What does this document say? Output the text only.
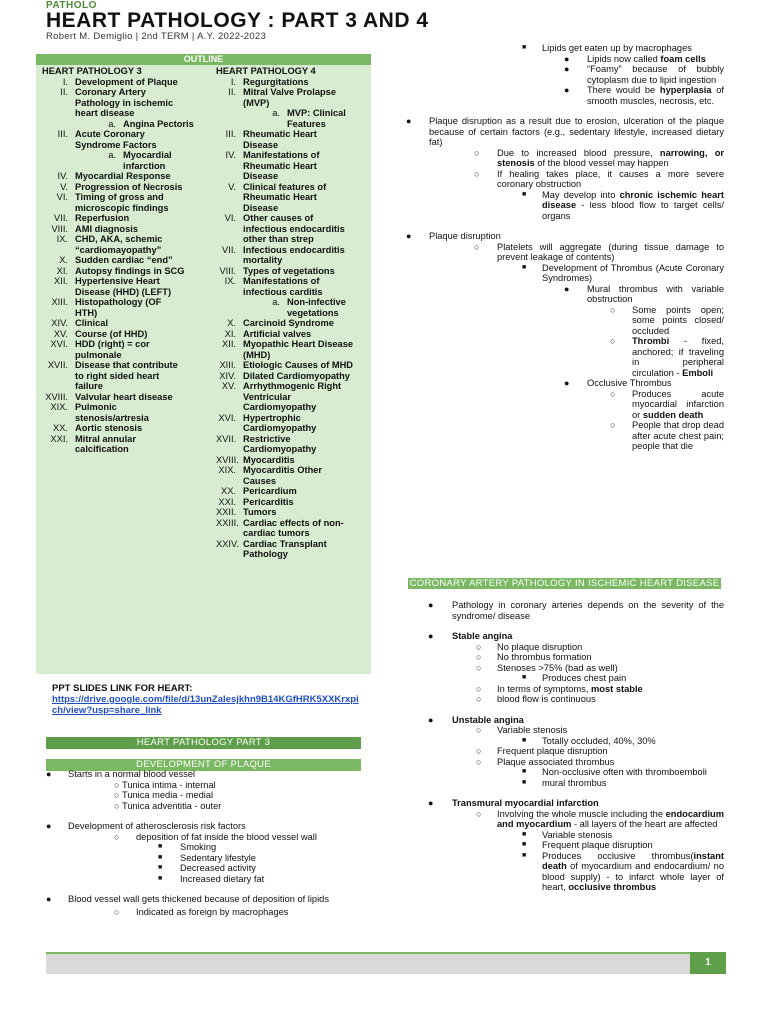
PATHOLO
HEART PATHOLOGY : PART 3 AND 4
Robert M. Demiglio | 2nd TERM | A.Y. 2022-2023
OUTLINE
HEART PATHOLOGY 3
I. Development of Plaque
II. Coronary Artery Pathology in ischemic heart disease
a. Angina Pectoris
III. Acute Coronary Syndrome Factors
a. Myocardial infarction
IV. Myocardial Response
V. Progression of Necrosis
VI. Timing of gross and microscopic findings
VII. Reperfusion
VIII. AMI diagnosis
IX. CHD, AKA, schemic “cardiomayopathy”
X. Sudden cardiac “end”
XI. Autopsy findings in SCG
XII. Hypertensive Heart Disease (HHD) (LEFT)
XIII. Histopathology (OF HTH)
XIV. Clinical
XV. Course (of HHD)
XVI. HDD (right) = cor pulmonale
XVII. Disease that contribute to right sided heart failure
XVIII. Valvular heart disease
XIX. Pulmonic stenosis/artresia
XX. Aortic stenosis
XXI. Mitral annular calcification
HEART PATHOLOGY 4
I. Regurgitations
II. Mitral Valve Prolapse (MVP)
a. MVP: Clinical Features
III. Rheumatic Heart Disease
IV. Manifestations of Rheumatic Heart Disease
V. Clinical features of Rheumatic Heart Disease
VI. Other causes of infectious endocarditis other than strep
VII. Infectious endocarditis mortality
VIII. Types of vegetations
IX. Manifestations of infectious carditis
a. Non-infective vegetations
X. Carcinoid Syndrome
XI. Artificial valves
XII. Myopathic Heart Disease (MHD)
XIII. Etiologic Causes of MHD
XIV. Dilated Cardiomyopathy
XV. Arrhythmogenic Right Ventricular Cardiomyopathy
XVI. Hypertrophic Cardiomyopathy
XVII. Restrictive Cardiomyopathy
XVIII. Myocarditis
XIX. Myocarditis Other Causes
XX. Pericardium
XXI. Pericarditis
XXII. Tumors
XXIII. Cardiac effects of non-cardiac tumors
XXIV. Cardiac Transplant Pathology
PPT SLIDES LINK FOR HEART:
https://drive.google.com/file/d/13unZalesjkhn9B14KGfHRK5XXKrxpich/view?usp=share_link
HEART PATHOLOGY PART 3
DEVELOPMENT OF PLAQUE
● Starts in a normal blood vessel
○ Tunica intima - internal
○ Tunica media - medial
○ Tunica adventitia - outer
● Development of atherosclerosis risk factors
○ deposition of fat inside the blood vessel wall
■ Smoking
■ Sedentary lifestyle
■ Decreased activity
■ Increased dietary fat
● Blood vessel wall gets thickened because of deposition of lipids
○ Indicated as foreign by macrophages
■ Lipids get eaten up by macrophages
● Lipids now called foam cells
● “Foamy” because of bubbly cytoplasm due to lipid ingestion
● There would be hyperplasia of smooth muscles, necrosis, etc.
● Plaque disruption as a result due to erosion, ulceration of the plaque because of certain factors (e.g., sedentary lifestyle, increased dietary fat)
○ Due to increased blood pressure, narrowing, or stenosis of the blood vessel may happen
○ If healing takes place, it causes a more severe coronary obstruction
■ May develop into chronic ischemic heart disease - less blood flow to target cells/ organs
● Plaque disruption
○ Platelets will aggregate (during tissue damage to prevent leakage of contents)
■ Development of Thrombus (Acute Coronary Syndromes)
● Mural thrombus with variable obstruction
○ Some points open; some points closed/ occluded
○ Thrombi - fixed, anchored; if traveling in peripheral circulation - Emboli
● Occlusive Thrombus
○ Produces acute myocardial infarction or sudden death
○ People that drop dead after acute chest pain; people that die
CORONARY ARTERY PATHOLOGY IN ISCHEMIC HEART DISEASE
● Pathology in coronary arteries depends on the severity of the syndrome/ disease
● Stable angina
○ No plaque disruption
○ No thrombus formation
○ Stenoses >75% (bad as well)
■ Produces chest pain
○ In terms of symptoms, most stable
○ blood flow is continuous
● Unstable angina
○ Variable stenosis
■ Totally occluded, 40%, 30%
○ Frequent plaque disruption
○ Plaque associated thrombus
■ Non-occlusive often with thromboemboli
■ mural thrombus
● Transmural myocardial infarction
○ Involving the whole muscle including the endocardium and myocardium - all layers of the heart are affected
■ Variable stenosis
■ Frequent plaque disruption
■ Produces occlusive thrombus(instant death of myocardium and endocardium/ no blood supply) - to infarct whole layer of heart, occlusive thrombus
1
